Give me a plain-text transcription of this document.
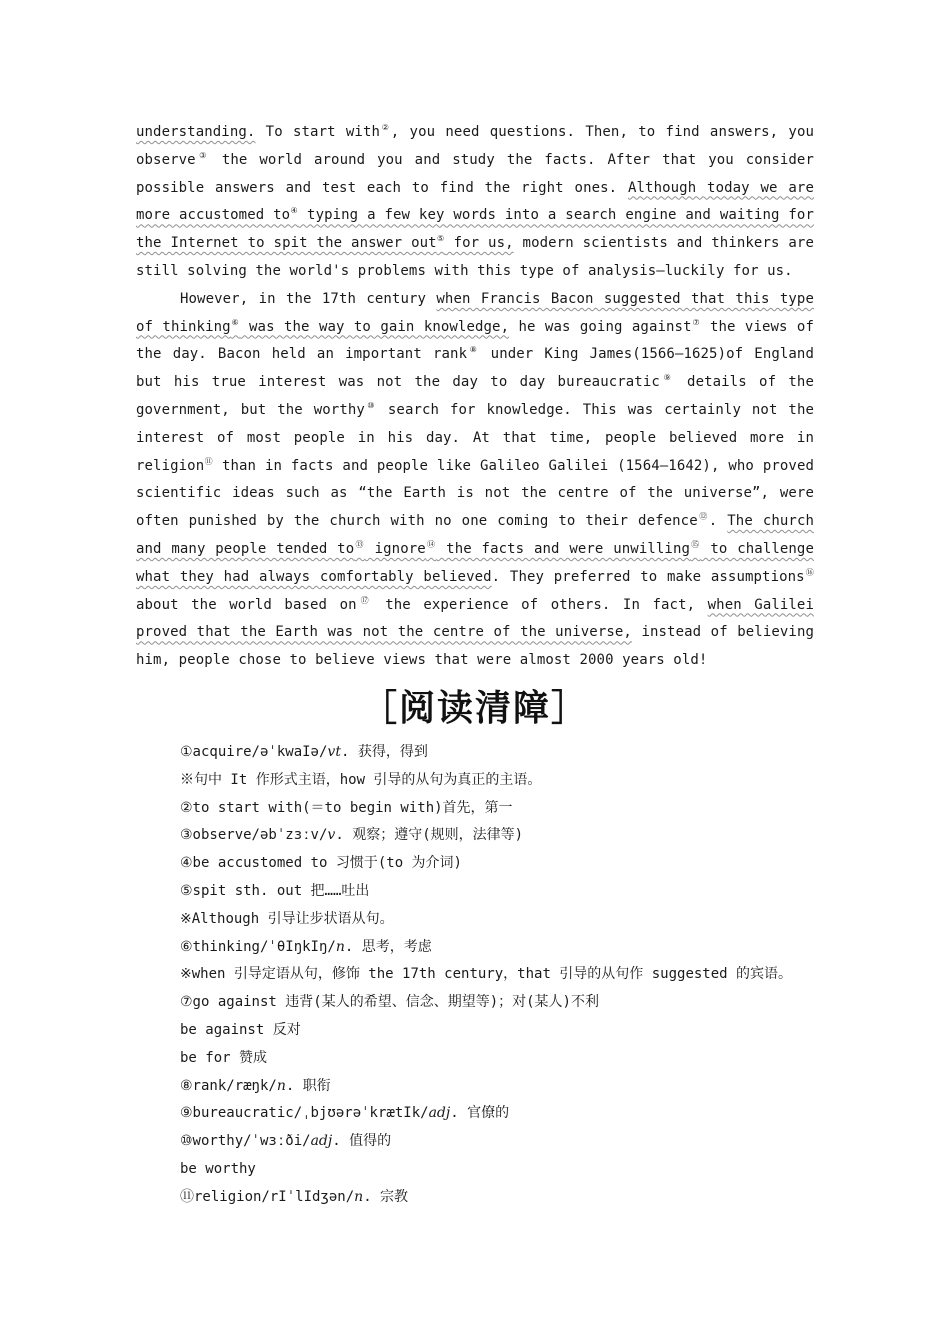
understanding. To start with②, you need questions. Then, to find answers, you observe③ the world around you and study the facts. After that you consider possible answers and test each to find the right ones. Although today we are more accustomed to④ typing a few key words into a search engine and waiting for the Internet to spit the answer out⑤ for us, modern scientists and thinkers are still solving the world's problems with this type of analysis—luckily for us.

However, in the 17th century when Francis Bacon suggested that this type of thinking⑥ was the way to gain knowledge, he was going against⑦ the views of the day. Bacon held an important rank⑧ under King James(1566—1625)of England but his true interest was not the day to day bureaucratic⑨ details of the government, but the worthy⑩ search for knowledge. This was certainly not the interest of most people in his day. At that time, people believed more in religion⑪ than in facts and people like Galileo Galilei (1564—1642), who proved scientific ideas such as “the Earth is not the centre of the universe”, were often punished by the church with no one coming to their defence⑫. The church and many people tended to⑬ ignore⑭ the facts and were unwilling⑮ to challenge what they had always comfortably believed. They preferred to make assumptions⑯ about the world based on⑰ the experience of others. In fact, when Galilei proved that the Earth was not the centre of the universe, instead of believing him, people chose to believe views that were almost 2000 years old!

［阅读清障］
①acquire/əˈkwaIə/vt. 获得，得到
※句中 It 作形式主语，how 引导的从句为真正的主语。
②to start with(＝to begin with)首先，第一
③observe/əbˈzɜːv/v. 观察；遵守(规则，法律等)
④be accustomed to 习惯于(to 为介词)
⑤spit sth. out 把……吐出
※Although 引导让步状语从句。
⑥thinking/ˈθIŋkIŋ/n. 思考，考虑
※when 引导定语从句，修饰 the 17th century，that 引导的从句作 suggested 的宾语。
⑦go against 违背(某人的希望、信念、期望等)；对(某人)不利
be against 反对
be for 赞成
⑧rank/ræŋk/n. 职衔
⑨bureaucratic/ˌbjʊərəˈkrætIk/adj. 官僚的
⑩worthy/ˈwɜːði/adj. 值得的
be worthy
⑪religion/rIˈlIdʒən/n. 宗教
